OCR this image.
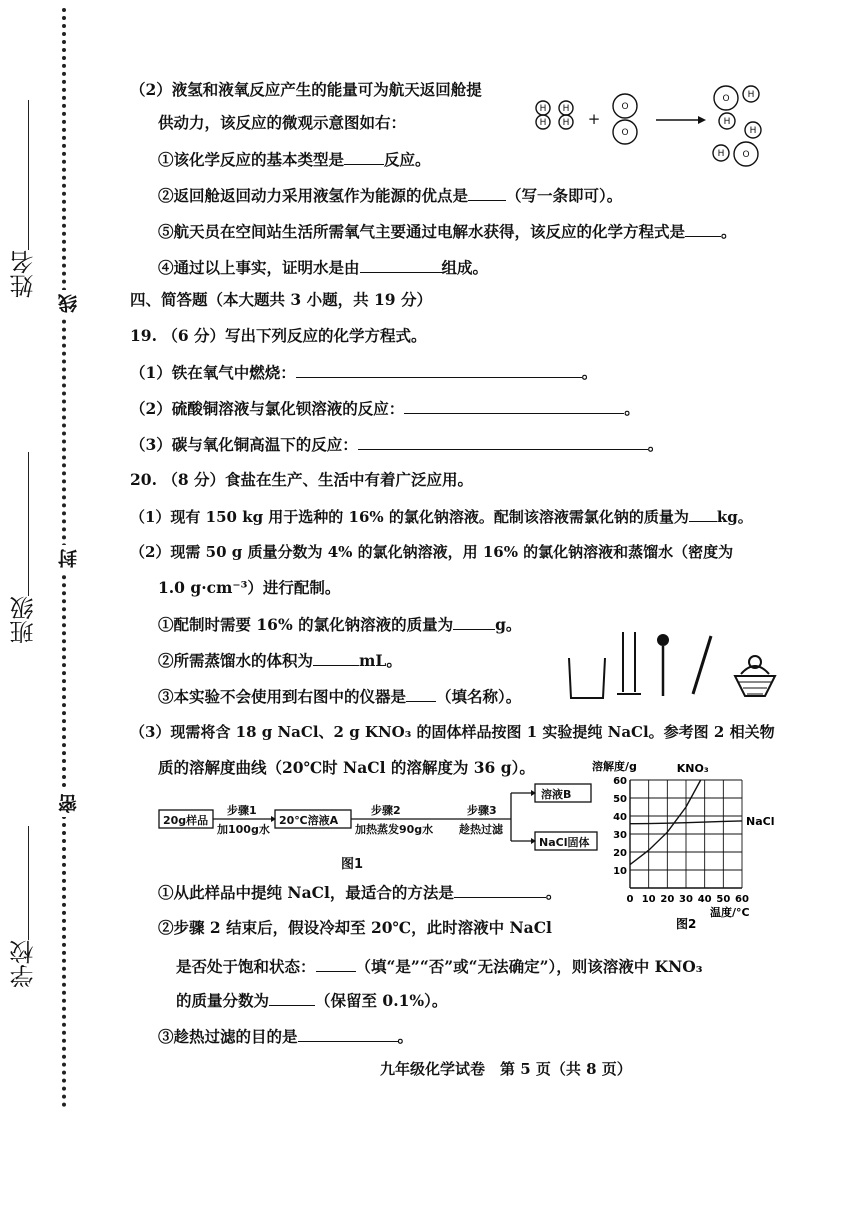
姓名
班级
学校
线
封
密
（2）液氢和液氧反应产生的能量可为航天返回舱提
供动力，该反应的微观示意图如右：
①该化学反应的基本类型是	反应。
②返回舱返回动力采用液氢作为能源的优点是 （写一条即可）。
⑤航天员在空间站生活所需氧气主要通过电解水获得，该反应的化学方程式是 。
④通过以上事实，证明水是由	组成。
H
H
H
H
O
O
O H
H
O
H
H
+
四、简答题（本大题共 3 小题，共 19 分）
19. （6 分）写出下列反应的化学方程式。
（1）铁在氧气中燃烧：	。
（2）硫酸铜溶液与氯化钡溶液的反应：	。
（3）碳与氧化铜高温下的反应：	。
20. （8 分）食盐在生产、生活中有着广泛应用。
（1）现有 150 kg 用于选种的 16% 的氯化钠溶液。配制该溶液需氯化钠的质量为 kg。
（2）现需 50 g 质量分数为 4% 的氯化钠溶液，用 16% 的氯化钠溶液和蒸馏水（密度为
1.0 g·cm⁻³）进行配制。
①配制时需要 16% 的氯化钠溶液的质量为	g。
②所需蒸馏水的体积为	mL。
③本实验不会使用到右图中的仪器是 （填名称）。
（3）现需将含 18 g NaCl、2 g KNO₃ 的固体样品按图 1 实验提纯 NaCl。参考图 2 相关物
质的溶解度曲线（20℃时 NaCl 的溶解度为 36 g）。
20g样品
步骤1
加100g水
20℃溶液A
步骤2
加热蒸发90g水
步骤3
趁热过滤
溶液B
NaCl固体
图1
溶解度/g
温度/°C
图2
0 10 20 30 40 50 60
10
20
30
40
50
60
KNO₃
NaCl
①从此样品中提纯 NaCl，最适合的方法是	。
②步骤 2 结束后，假设冷却至 20℃，此时溶液中 NaCl
是否处于饱和状态：	（填“是”“否”或“无法确定”），则该溶液中 KNO₃
的质量分数为	（保留至 0.1%）。
③趁热过滤的目的是	。
九年级化学试卷　第 5 页（共 8 页）
